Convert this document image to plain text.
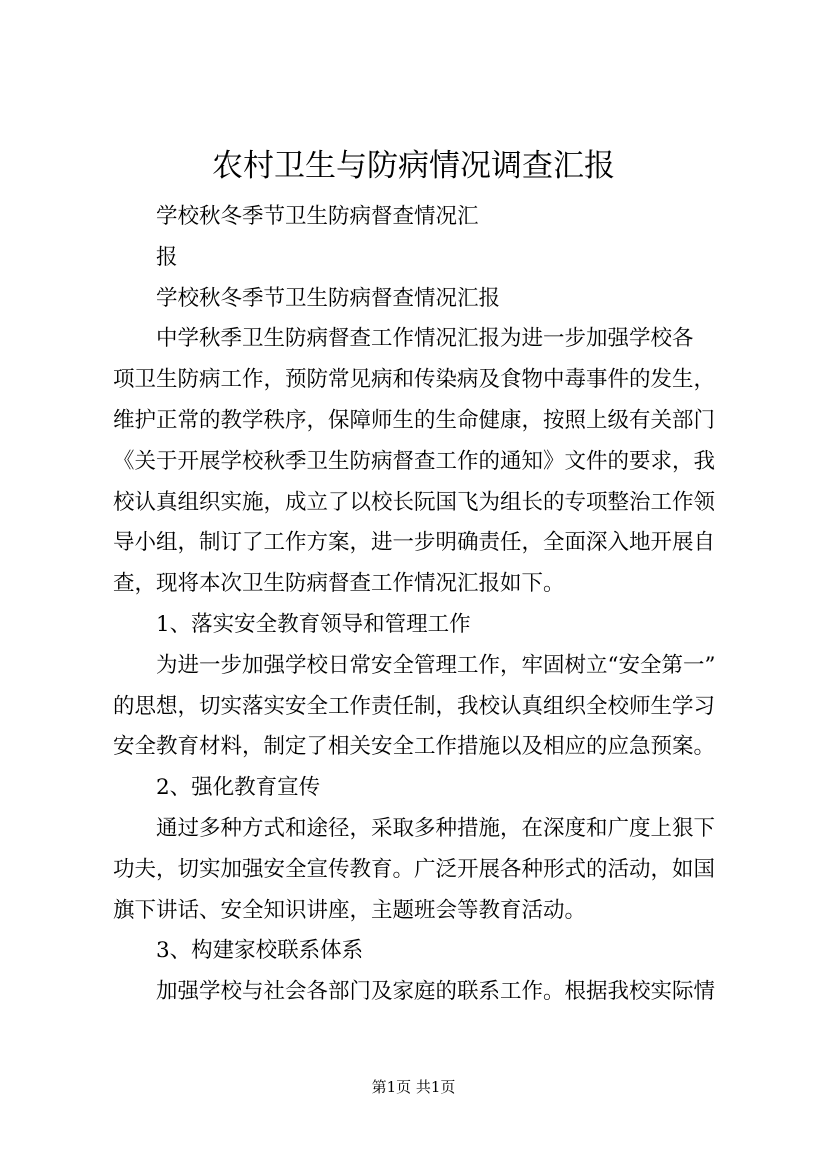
农村卫生与防病情况调查汇报

学校秋冬季节卫生防病督查情况汇
报

学校秋冬季节卫生防病督查情况汇报

中学秋季卫生防病督查工作情况汇报为进一步加强学校各
项卫生防病工作，预防常见病和传染病及食物中毒事件的发生，
维护正常的教学秩序，保障师生的生命健康，按照上级有关部门
《关于开展学校秋季卫生防病督查工作的通知》文件的要求，我
校认真组织实施，成立了以校长阮国飞为组长的专项整治工作领
导小组，制订了工作方案，进一步明确责任，全面深入地开展自
查，现将本次卫生防病督查工作情况汇报如下。

1、落实安全教育领导和管理工作

为进一步加强学校日常安全管理工作，牢固树立“安全第一”
的思想，切实落实安全工作责任制，我校认真组织全校师生学习
安全教育材料，制定了相关安全工作措施以及相应的应急预案。

2、强化教育宣传

通过多种方式和途径，采取多种措施，在深度和广度上狠下
功夫，切实加强安全宣传教育。广泛开展各种形式的活动，如国
旗下讲话、安全知识讲座，主题班会等教育活动。

3、构建家校联系体系

加强学校与社会各部门及家庭的联系工作。根据我校实际情

第1页 共1页
